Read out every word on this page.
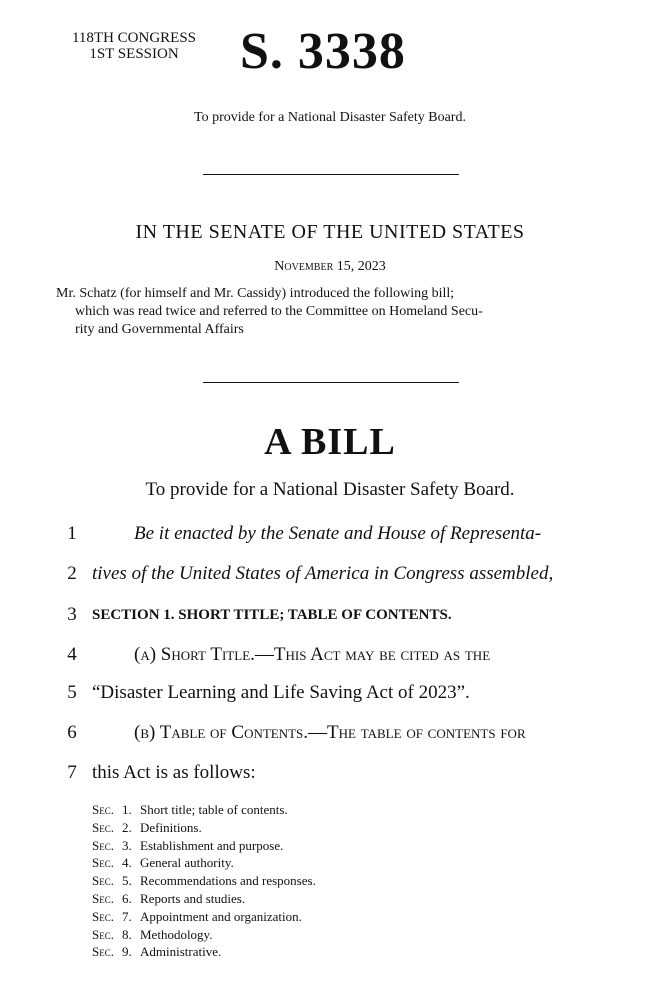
118TH CONGRESS
1ST SESSION	S. 3338
To provide for a National Disaster Safety Board.
IN THE SENATE OF THE UNITED STATES
November 15, 2023
Mr. Schatz (for himself and Mr. Cassidy) introduced the following bill;
which was read twice and referred to the Committee on Homeland Secu-
rity and Governmental Affairs
A BILL
To provide for a National Disaster Safety Board.
1	Be it enacted by the Senate and House of Representa-
2 tives of the United States of America in Congress assembled,
3	SECTION 1. SHORT TITLE; TABLE OF CONTENTS.
4	(a) Short Title.—This Act may be cited as the
5 “Disaster Learning and Life Saving Act of 2023”.
6	(b) Table of Contents.—The table of contents for
7 this Act is as follows:
Sec. 1. Short title; table of contents.
Sec. 2. Definitions.
Sec. 3. Establishment and purpose.
Sec. 4. General authority.
Sec. 5. Recommendations and responses.
Sec. 6. Reports and studies.
Sec. 7. Appointment and organization.
Sec. 8. Methodology.
Sec. 9. Administrative.
